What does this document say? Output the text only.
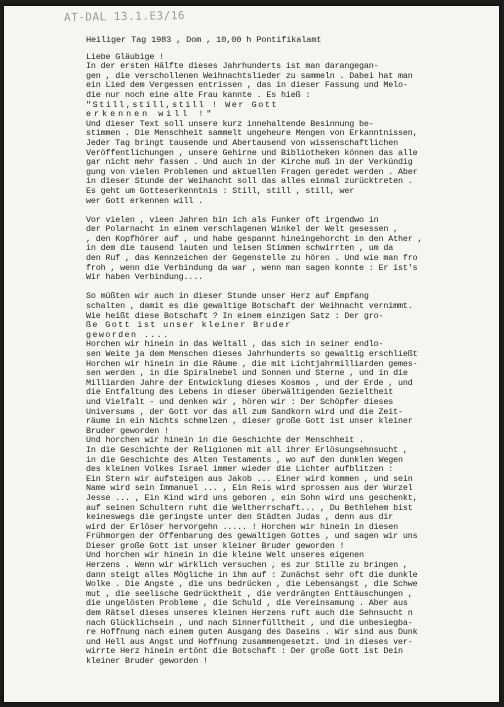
AT-DAL 13.1.E3/16
Heiliger Tag 1983 , Dom , 10,00 h Pontifikalamt
Liebe Gläubige !
In der ersten Hälfte dieses Jahrhunderts ist man darangegan-
gen , die verschollenen Weihnachtslieder zu sammeln . Dabei hat man
ein Lied dem Vergessen entrissen , das in dieser Fassung und Melo-
die nur noch eine alte Frau kannte . Es hieß :
"Still,still,still ! Wer Gott
erkennen will !"
Und dieser Text soll unsere kurz innehaltende Besinnung be-
stimmen . Die Menschheit sammelt ungeheure Mengen von Erkanntnissen,
Jeder Tag bringt tausende und Abertausend von wissenschaftlichen
Veröffentlichungen , unsere Gehirne und Bibliotheken können das alle
gar nicht mehr fassen . Und auch in der Kirche muß in der Verkündig
gung von vielen Problemen und aktuellen Fragen geredet werden . Aber
in dieser Stunde der Weihancht soll das alles einmal zurücktreten .
Es geht um Gotteserkenntnis : Still, still , still, wer
wer Gott erkennen will .
Vor vielen , vieen Jahren bin ich als Funker oft irgendwo in
der Polarnacht in einem verschlagenen Winkel der Welt gesessen ,
, den Kopfhörer auf , und habe gespannt hineingehorcht in den Äther ,
in dem die tausend lauten und leisen Stimmen schwirrten , um da
den Ruf , das Kennzeichen der Gegenstelle zu hören . Und wie man fro
froh , wenn die Verbindung da war , wenn man sagen konnte : Er ist's
Wir haben Verbindung....
So müßten wir auch in dieser Stunde unser Herz auf Empfang
schalten , damit es die gewaltige Botschaft der Weihnacht vernimmt.
Wie heißt diese Botschaft ? In einem einzigen Satz : Der gro-
ße Gott ist unser kleiner Bruder
geworden ....
Horchen wir hinein in das Weltall , das sich in seiner endlo-
sen Weite ja dem Menschen dieses Jahrhunderts so gewaltig erschließt
Horchen wir hinein in die Räume , die mit Lichtjahrmilliarden gemes-
sen werden , in die Spiralnebel und Sonnen und Sterne , und in die
Milliarden Jahre der Entwicklung dieses Kosmos , und der Erde , und
die Entfaltung des Lebens in dieser überwältigenden Gezieltheit
und Vielfalt - und denken wir , hören wir : Der Schöpfer dieses
Universums , der Gott vor das all zum Sandkorn wird und die Zeit-
räume in ein Nichts schmelzen , dieser große Gott ist unser kleiner
Bruder geworden !
Und horchen wir hinein in die Geschichte der Menschheit .
In die Geschichte der Religionen mit all ihrer Erlösungsehnsucht ,
in die Geschichte des Alten Testaments , wo auf den dunklen Wegen
des kleinen Volkes Israel immer wieder die Lichter aufblitzen :
Ein Stern wir aufsteigen aus Jakob ... Einer wird kommen , und sein
Name wird sein Immanuel ... , Ein Reis wird sprossen aus der Wurzel
Jesse ... , Ein Kind wird uns geboren , ein Sohn wird uns geschenkt,
auf seinen Schultern ruht die Weltherrschaft... , Du Bethlehem bist
keineswegs die geringste unter den Städten Judas , denn aus dir
wird der Erlöser hervorgehn ..... ! Horchen wir hinein in diesen
Frühmorgen der Offenbarung des gewaltigen Gottes , und sagen wir uns
Dieser große Gott ist unser kleiner Bruder geworden !
Und horchen wir hinein in die kleine Welt unseres eigenen
Herzens . Wenn wir wirklich versuchen , es zur Stille zu bringen ,
dann steigt alles Mögliche in ihm auf : Zunächst sehr oft die dunkle
Wolke . Die Ängste , die uns bedrücken , die Lebensangst , die Schwe
mut , die seelische Gedrücktheit , die verdrängten Enttäuschungen ,
die ungelösten Probleme , die Schuld , die Vereinsamung . Aber aus
dem Rätsel dieses unseres kleinen Herzens ruft auch die Sehnsucht n
nach Glücklichsein , und nach Sinnerfülltheit , und die unbesiegba-
re Hoffnung nach einem guten Ausgang des Daseins . Wir sind aus Dunk
und Hell aus Angst und Hoffnung zusammengesetzt. Und in dieses ver-
wirrte Herz hinein ertönt die Botschaft : Der große Gott ist Dein
kleiner Bruder geworden !
